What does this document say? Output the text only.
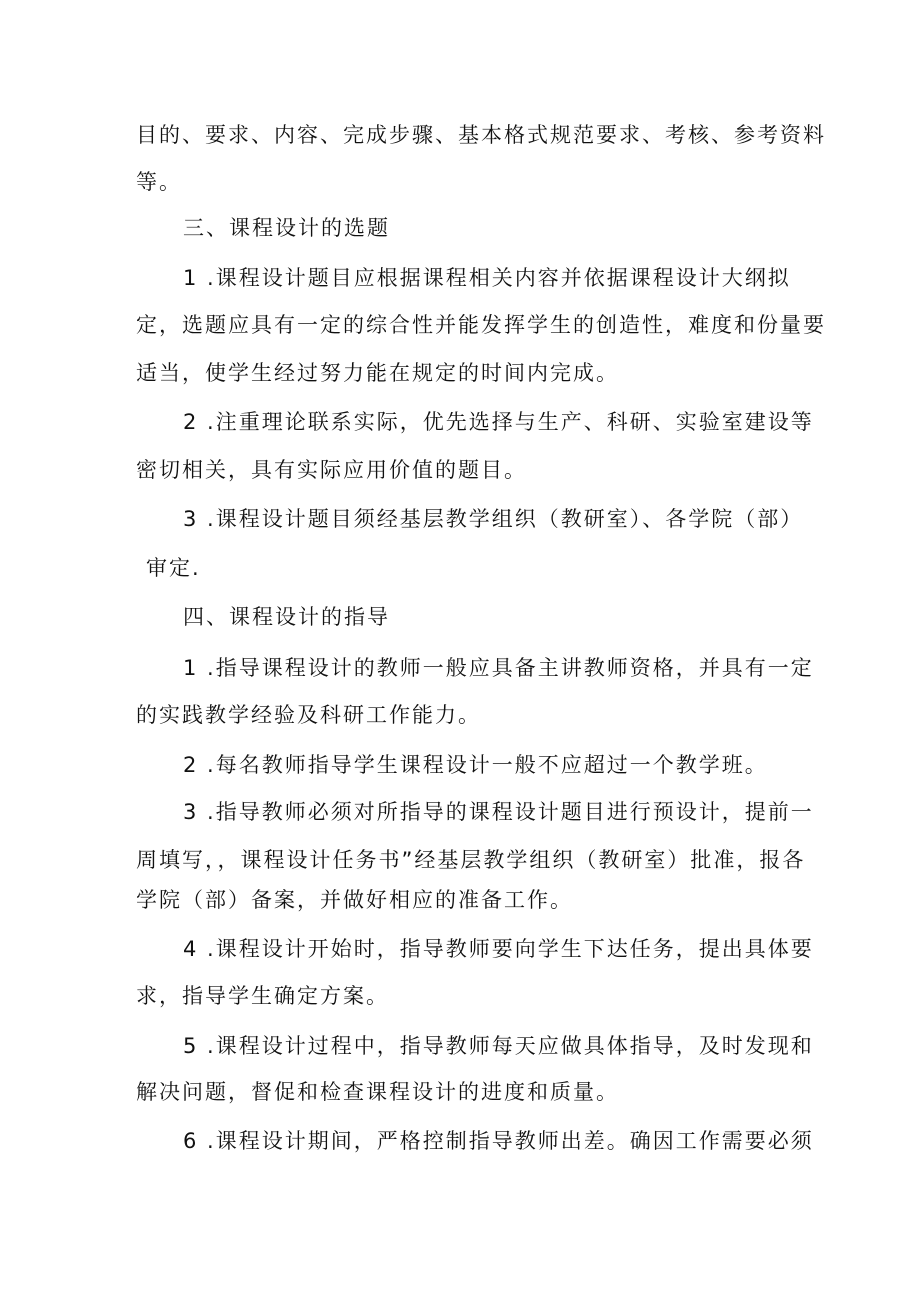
目的、要求、内容、完成步骤、基本格式规范要求、考核、参考资料
等。
三、课程设计的选题
1 .课程设计题目应根据课程相关内容并依据课程设计大纲拟
定，选题应具有一定的综合性并能发挥学生的创造性，难度和份量要
适当，使学生经过努力能在规定的时间内完成。
2 .注重理论联系实际，优先选择与生产、科研、实验室建设等
密切相关，具有实际应用价值的题目。
3 .课程设计题目须经基层教学组织（教研室）、各学院（部）
审定.
四、课程设计的指导
1 .指导课程设计的教师一般应具备主讲教师资格，并具有一定
的实践教学经验及科研工作能力。
2 .每名教师指导学生课程设计一般不应超过一个教学班。
3 .指导教师必须对所指导的课程设计题目进行预设计，提前一
周填写，，课程设计任务书”经基层教学组织（教研室）批准，报各
学院（部）备案，并做好相应的准备工作。
4 .课程设计开始时，指导教师要向学生下达任务，提出具体要
求，指导学生确定方案。
5 .课程设计过程中，指导教师每天应做具体指导，及时发现和
解决问题，督促和检查课程设计的进度和质量。
6 .课程设计期间，严格控制指导教师出差。确因工作需要必须
